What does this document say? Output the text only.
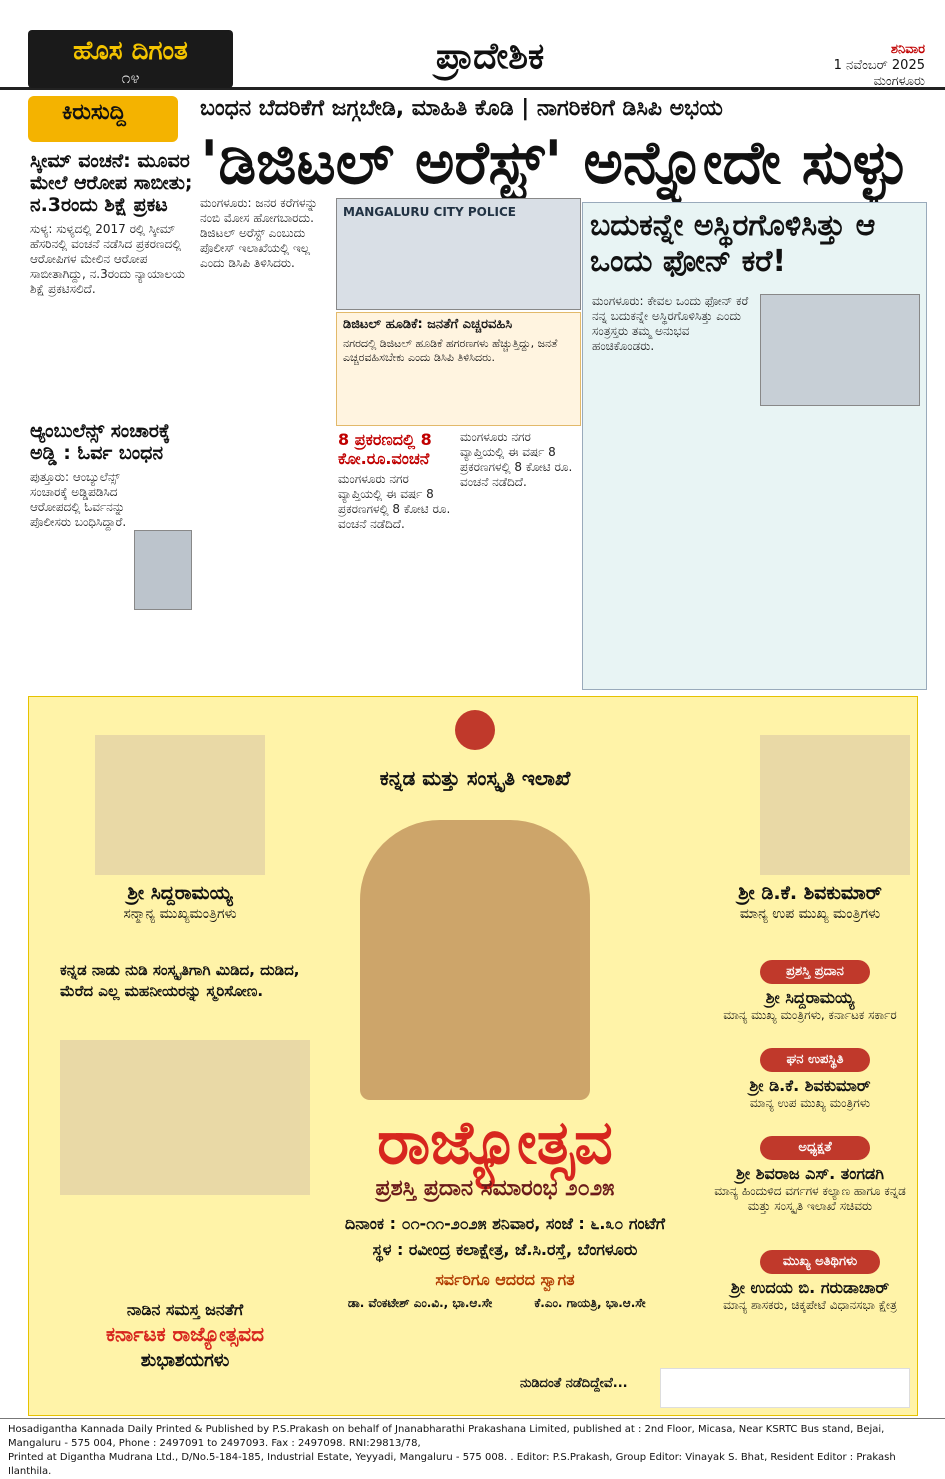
ಹೊಸ ದಿಗಂತ
೧೪
ಪ್ರಾದೇಶಿಕ	ಶನಿವಾರ
1 ನವೆಂಬರ್ 2025
ಮಂಗಳೂರು
ಕಿರುಸುದ್ದಿ
ಸ್ಕೀಮ್ ವಂಚನೆ: ಮೂವರ ಮೇಲೆ ಆರೋಪ ಸಾಬೀತು; ನ.3ರಂದು ಶಿಕ್ಷೆ ಪ್ರಕಟ
ಸುಳ್ಯ: ಸುಳ್ಯದಲ್ಲಿ 2017 ರಲ್ಲಿ ಸ್ಕೀಮ್ ಹೆಸರಿನಲ್ಲಿ ವಂಚನೆ ನಡೆಸಿದ ಪ್ರಕರಣದಲ್ಲಿ ಆರೋಪಿಗಳ ಮೇಲಿನ ಆರೋಪ ಸಾಬೀತಾಗಿದ್ದು, ನ.3ರಂದು ನ್ಯಾಯಾಲಯ ಶಿಕ್ಷೆ ಪ್ರಕಟಿಸಲಿದೆ.
ಆ್ಯಂಬುಲೆನ್ಸ್ ಸಂಚಾರಕ್ಕೆ ಅಡ್ಡಿ : ಓರ್ವ ಬಂಧನ
ಪುತ್ತೂರು: ಆಂಬ್ಯುಲೆನ್ಸ್ ಸಂಚಾರಕ್ಕೆ ಅಡ್ಡಿಪಡಿಸಿದ ಆರೋಪದಲ್ಲಿ ಓರ್ವನನ್ನು ಪೊಲೀಸರು ಬಂಧಿಸಿದ್ದಾರೆ.
ಬಂಧನ ಬೆದರಿಕೆಗೆ ಜಗ್ಗಬೇಡಿ, ಮಾಹಿತಿ ಕೊಡಿ | ನಾಗರಿಕರಿಗೆ ಡಿಸಿಪಿ ಅಭಯ
'ಡಿಜಿಟಲ್ ಅರೆಸ್ಟ್' ಅನ್ನೋದೇ ಸುಳ್ಳು
ಮಂಗಳೂರು: ಜನರ ಕರೆಗಳನ್ನು ನಂಬಿ ಮೋಸ ಹೋಗಬಾರದು. ಡಿಜಿಟಲ್ ಅರೆಸ್ಟ್ ಎಂಬುದು ಪೊಲೀಸ್ ಇಲಾಖೆಯಲ್ಲಿ ಇಲ್ಲ ಎಂದು ಡಿಸಿಪಿ ತಿಳಿಸಿದರು.
MANGALURU CITY POLICE
ಡಿಜಿಟಲ್ ಹೂಡಿಕೆ: ಜನತೆಗೆ ಎಚ್ಚರವಹಿಸಿ
ನಗರದಲ್ಲಿ ಡಿಜಿಟಲ್ ಹೂಡಿಕೆ ಹಗರಣಗಳು ಹೆಚ್ಚುತ್ತಿದ್ದು, ಜನತೆ ಎಚ್ಚರವಹಿಸಬೇಕು ಎಂದು ಡಿಸಿಪಿ ತಿಳಿಸಿದರು.
8 ಪ್ರಕರಣದಲ್ಲಿ 8 ಕೋ.ರೂ.ವಂಚನೆ
ಮಂಗಳೂರು ನಗರ ವ್ಯಾಪ್ತಿಯಲ್ಲಿ ಈ ವರ್ಷ 8 ಪ್ರಕರಣಗಳಲ್ಲಿ 8 ಕೋಟಿ ರೂ. ವಂಚನೆ ನಡೆದಿದೆ.
ಮಂಗಳೂರು ನಗರ ವ್ಯಾಪ್ತಿಯಲ್ಲಿ ಈ ವರ್ಷ 8 ಪ್ರಕರಣಗಳಲ್ಲಿ 8 ಕೋಟಿ ರೂ. ವಂಚನೆ ನಡೆದಿದೆ.
ಬದುಕನ್ನೇ ಅಸ್ಥಿರಗೊಳಿಸಿತ್ತು ಆ ಒಂದು ಫೋನ್ ಕರೆ!
ಮಂಗಳೂರು: ಕೇವಲ ಒಂದು ಫೋನ್ ಕರೆ ನನ್ನ ಬದುಕನ್ನೇ ಅಸ್ಥಿರಗೊಳಿಸಿತ್ತು ಎಂದು ಸಂತ್ರಸ್ತರು ತಮ್ಮ ಅನುಭವ ಹಂಚಿಕೊಂಡರು.
ಕನ್ನಡ ಮತ್ತು ಸಂಸ್ಕೃತಿ ಇಲಾಖೆ
ಶ್ರೀ ಸಿದ್ದರಾಮಯ್ಯ
ಸನ್ಮಾನ್ಯ ಮುಖ್ಯಮಂತ್ರಿಗಳು
ಶ್ರೀ ಡಿ.ಕೆ. ಶಿವಕುಮಾರ್
ಮಾನ್ಯ ಉಪ ಮುಖ್ಯ ಮಂತ್ರಿಗಳು
ಕನ್ನಡ ನಾಡು ನುಡಿ ಸಂಸ್ಕೃತಿಗಾಗಿ ಮಿಡಿದ, ದುಡಿದ, ಮೆರೆದ ಎಲ್ಲ ಮಹನೀಯರನ್ನು ಸ್ಮರಿಸೋಣ.
ನಾಡಿನ ಸಮಸ್ತ ಜನತೆಗೆ
ಕರ್ನಾಟಕ ರಾಜ್ಯೋತ್ಸವದ
ಶುಭಾಶಯಗಳು
ರಾಜ್ಯೋತ್ಸವ
ಪ್ರಶಸ್ತಿ ಪ್ರದಾನ ಸಮಾರಂಭ ೨೦೨೫
ದಿನಾಂಕ : ೦೧-೧೧-೨೦೨೫ ಶನಿವಾರ, ಸಂಜೆ : ೬.೩೦ ಗಂಟೆಗೆ
ಸ್ಥಳ : ರವೀಂದ್ರ ಕಲಾಕ್ಷೇತ್ರ, ಜೆ.ಸಿ.ರಸ್ತೆ, ಬೆಂಗಳೂರು
ಸರ್ವರಿಗೂ ಆದರದ ಸ್ವಾಗತ
ಡಾ. ವೆಂಕಟೇಶ್ ಎಂ.ವಿ., ಭಾ.ಆ.ಸೇ	ಕೆ.ಎಂ. ಗಾಯತ್ರಿ, ಭಾ.ಆ.ಸೇ
ಪ್ರಶಸ್ತಿ ಪ್ರದಾನ
ಶ್ರೀ ಸಿದ್ದರಾಮಯ್ಯ
ಮಾನ್ಯ ಮುಖ್ಯ ಮಂತ್ರಿಗಳು, ಕರ್ನಾಟಕ ಸರ್ಕಾರ
ಘನ ಉಪಸ್ಥಿತಿ
ಶ್ರೀ ಡಿ.ಕೆ. ಶಿವಕುಮಾರ್
ಮಾನ್ಯ ಉಪ ಮುಖ್ಯ ಮಂತ್ರಿಗಳು
ಅಧ್ಯಕ್ಷತೆ
ಶ್ರೀ ಶಿವರಾಜ ಎಸ್. ತಂಗಡಗಿ
ಮಾನ್ಯ ಹಿಂದುಳಿದ ವರ್ಗಗಳ ಕಲ್ಯಾಣ ಹಾಗೂ ಕನ್ನಡ ಮತ್ತು ಸಂಸ್ಕೃತಿ ಇಲಾಖೆ ಸಚಿವರು
ಮುಖ್ಯ ಅತಿಥಿಗಳು
ಶ್ರೀ ಉದಯ ಬಿ. ಗರುಡಾಚಾರ್
ಮಾನ್ಯ ಶಾಸಕರು, ಚಿಕ್ಕಪೇಟೆ ವಿಧಾನಸಭಾ ಕ್ಷೇತ್ರ
ನುಡಿದಂತೆ ನಡೆದಿದ್ದೇವೆ...
Hosadigantha Kannada Daily Printed & Published by P.S.Prakash on behalf of Jnanabharathi Prakashana Limited, published at : 2nd Floor, Micasa, Near KSRTC Bus stand, Bejai, Mangaluru - 575 004, Phone : 2497091 to 2497093. Fax : 2497098. RNI:29813/78,
Printed at Digantha Mudrana Ltd., D/No.5-184-185, Industrial Estate, Yeyyadi, Mangaluru - 575 008. . Editor: P.S.Prakash, Group Editor: Vinayak S. Bhat, Resident Editor : Prakash Ilanthila.
